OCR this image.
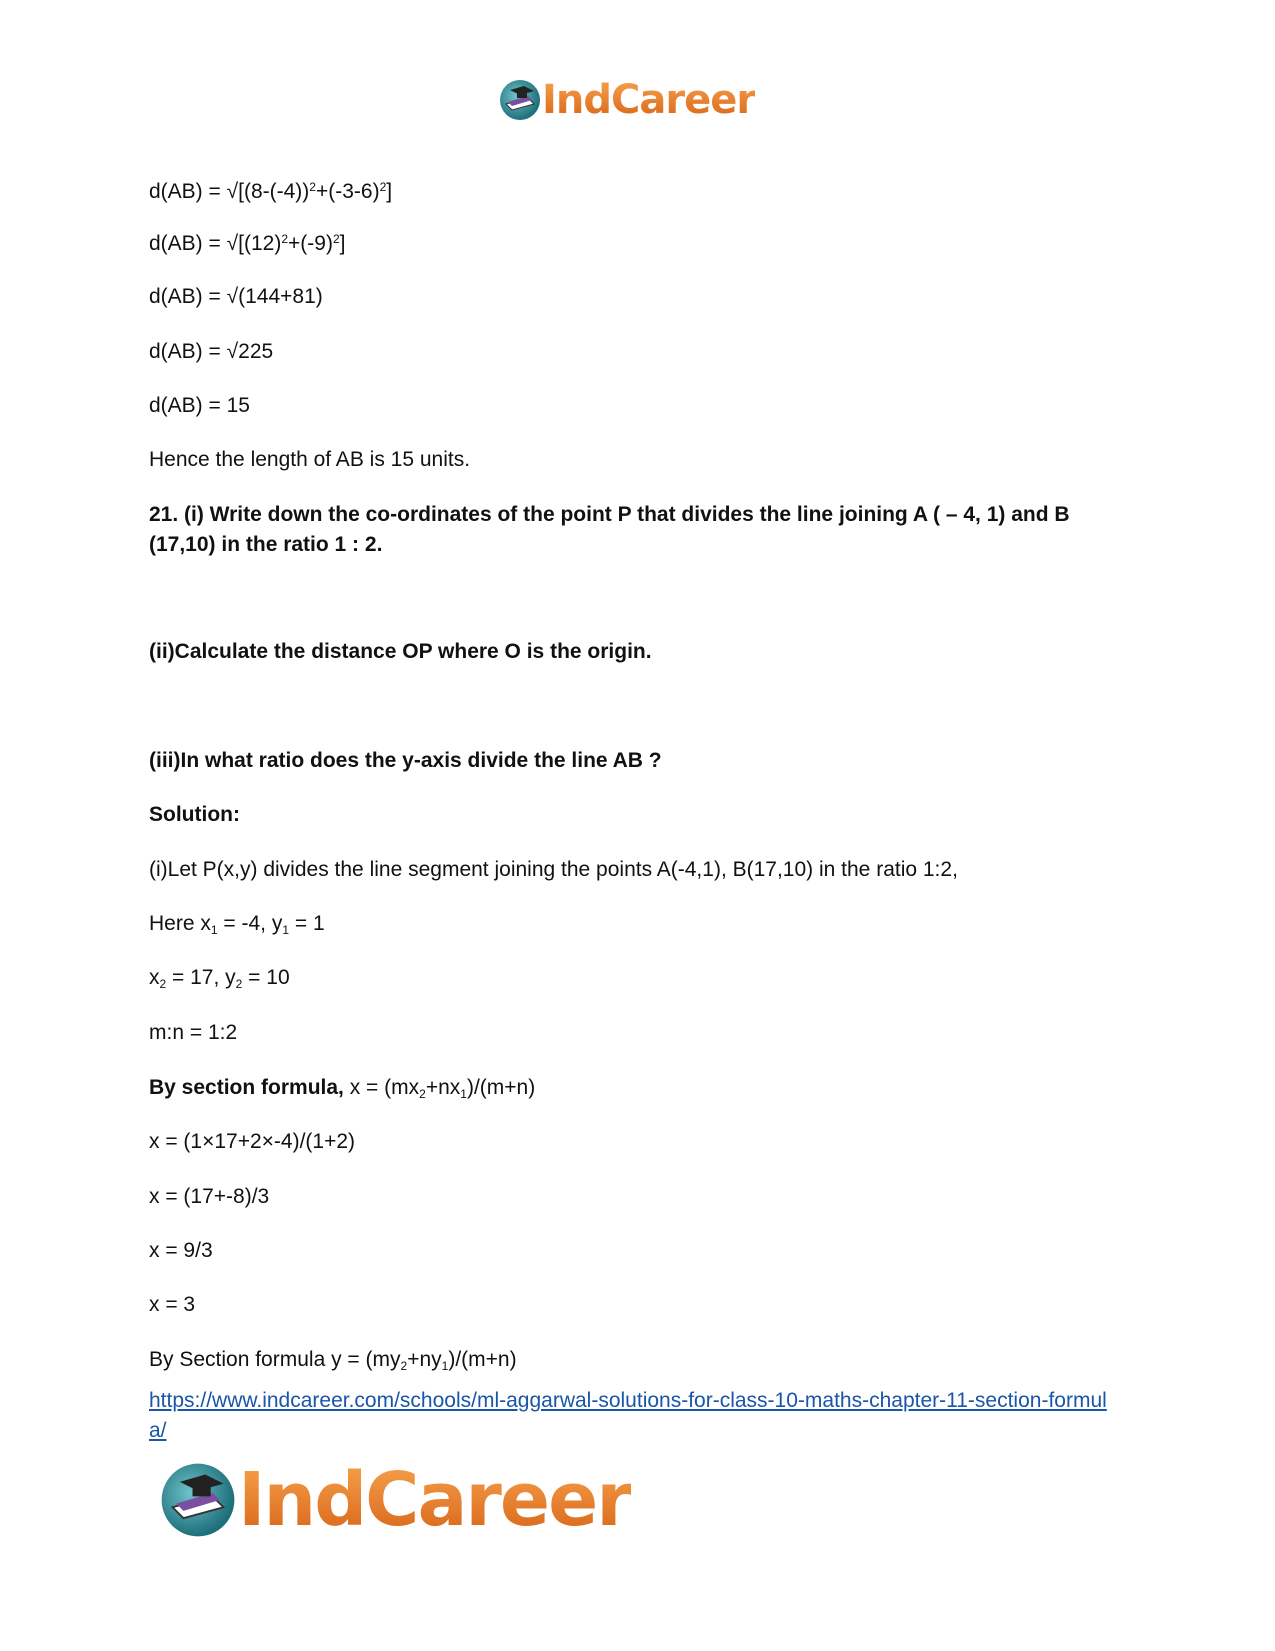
IndCareer
$d(AB) = √[(8-(-4))^2+(-3-6)^2]$
$d(AB) = √[(12)^2+(-9)^2]$
d(AB) = √(144+81)
d(AB) = √225
d(AB) = 15
Hence the length of AB is 15 units.
21. (i) Write down the co-ordinates of the point P that divides the line joining A ( – 4, 1) and B (17,10) in the ratio 1 : 2.
(ii)Calculate the distance OP where O is the origin.
(iii)In what ratio does the y-axis divide the line AB ?
Solution:
(i)Let P(x,y) divides the line segment joining the points A(-4,1), B(17,10) in the ratio 1:2,
Here $x_1 = -4$, $y_1 = 1$
$x_2 = 17$, $y_2 = 10$
m:n = 1:2
By section formula, $x = (mx_2+nx_1)/(m+n)$
x = (1×17+2×-4)/(1+2)
x = (17+-8)/3
x = 9/3
x = 3
By Section formula $y = (my_2+ny_1)/(m+n)$
https://www.indcareer.com/schools/ml-aggarwal-solutions-for-class-10-maths-chapter-11-section-formula/
IndCareer
